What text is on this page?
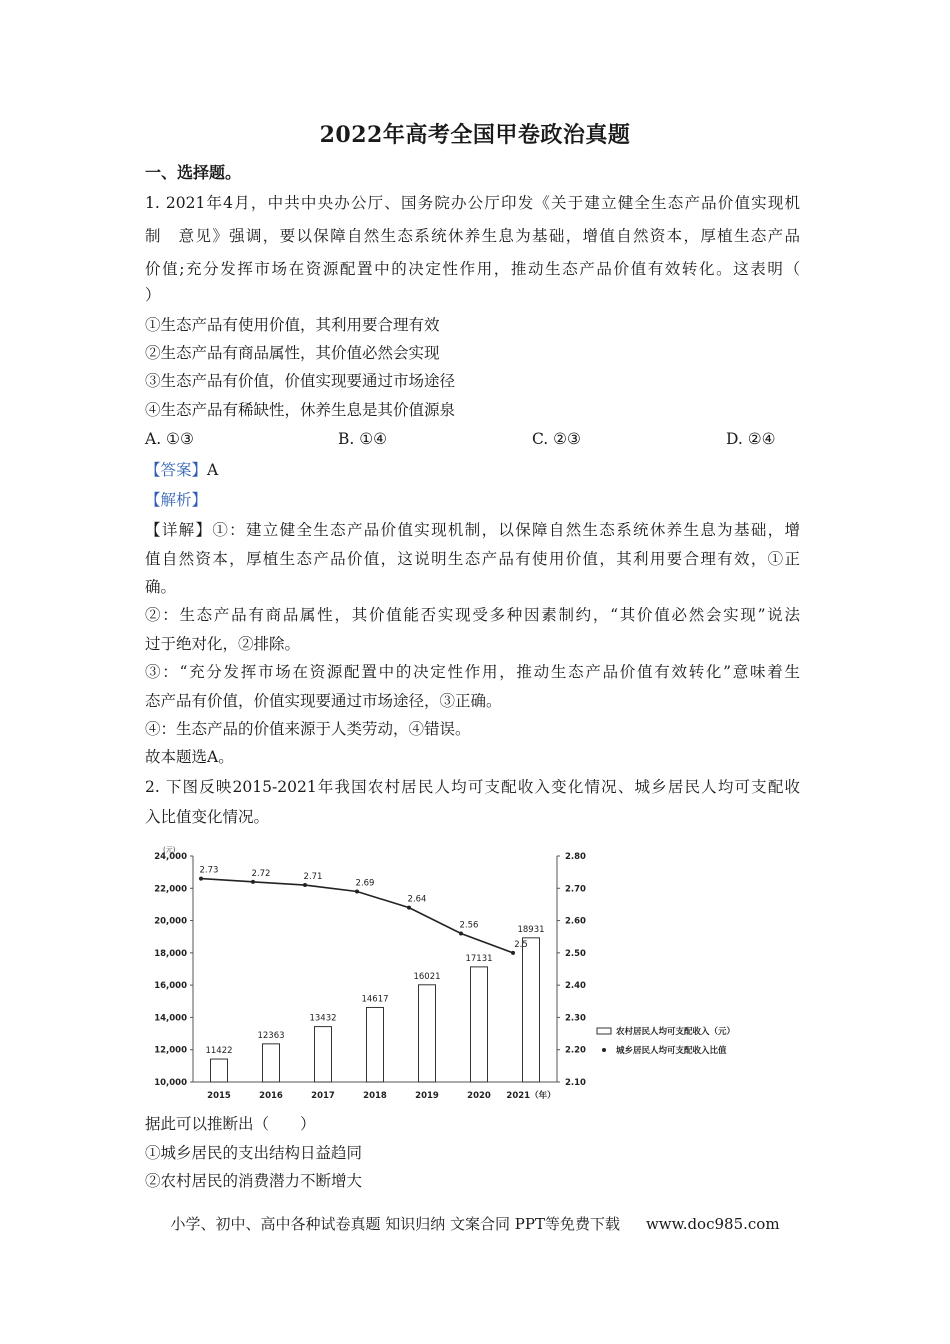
2022年高考全国甲卷政治真题
一、选择题。
1. 2021年4月，中共中央办公厅、国务院办公厅印发《关于建立健全生态产品价值实现机
制　意见》强调，要以保障自然生态系统休养生息为基础，增值自然资本，厚植生态产品
价值;充分发挥市场在资源配置中的决定性作用，推动生态产品价值有效转化。这表明（
）
①生态产品有使用价值，其利用要合理有效
②生态产品有商品属性，其价值必然会实现
③生态产品有价值，价值实现要通过市场途径
④生态产品有稀缺性，休养生息是其价值源泉
A. ①③	B. ①④	C. ②③	D. ②④
【答案】A
【解析】
【详解】①：建立健全生态产品价值实现机制，以保障自然生态系统休养生息为基础，增
值自然资本，厚植生态产品价值，这说明生态产品有使用价值，其利用要合理有效，①正
确。
②：生态产品有商品属性，其价值能否实现受多种因素制约，“其价值必然会实现”说法
过于绝对化，②排除。
③：“充分发挥市场在资源配置中的决定性作用，推动生态产品价值有效转化”意味着生
态产品有价值，价值实现要通过市场途径，③正确。
④：生态产品的价值来源于人类劳动，④错误。
故本题选A。
2. 下图反映2015-2021年我国农村居民人均可支配收入变化情况、城乡居民人均可支配收
入比值变化情况。
(元)
24,000
22,000
20,000
18,000
16,000
14,000
12,000
10,000
2.80
2.70
2.60
2.50
2.40
2.30
2.20
2.10
2015	2016	2017	2018	2019	2020 2021（年）
11422
12363
13432
14617
16021
17131
18931
2.73	2.72	2.71
2.69
2.64
2.56
2.5
农村居民人均可支配收入（元）
城乡居民人均可支配收入比值
据此可以推断出（　　）
①城乡居民的支出结构日益趋同
②农村居民的消费潜力不断增大
小学、初中、高中各种试卷真题 知识归纳 文案合同 PPT等免费下载 www.doc985.com
